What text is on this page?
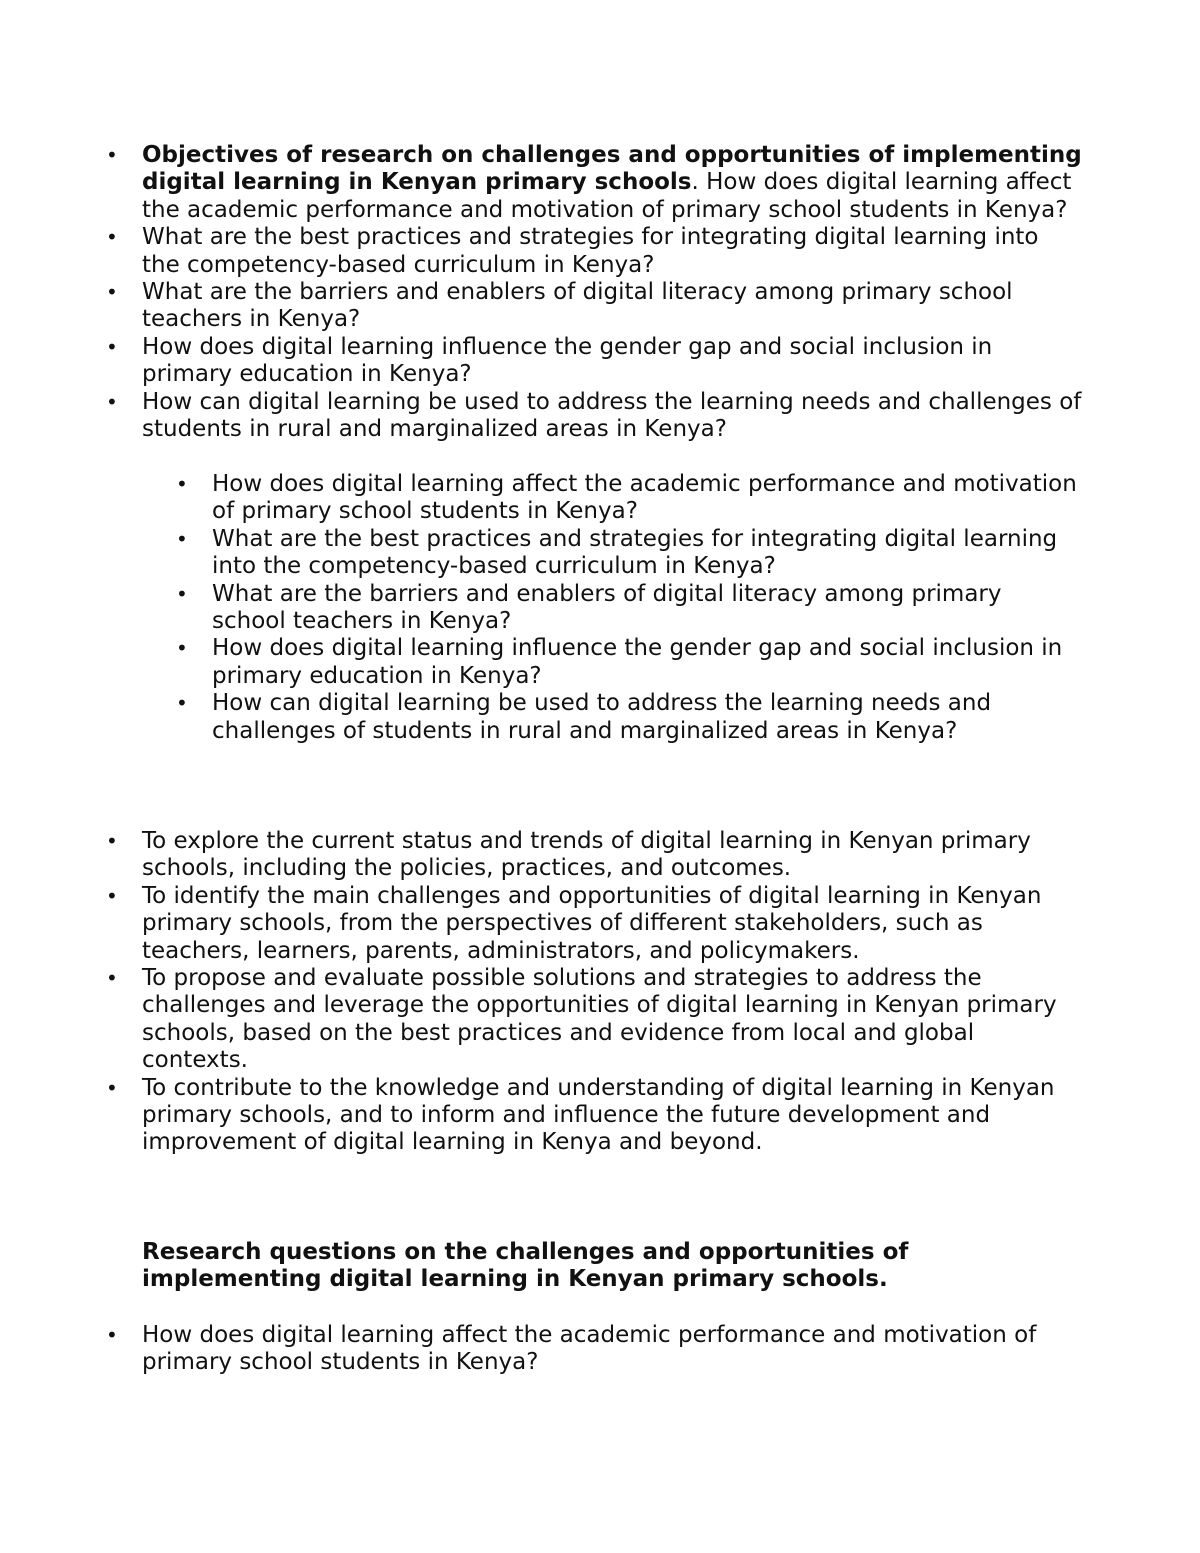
• Objectives of research on challenges and opportunities of implementing digital learning in Kenyan primary schools. How does digital learning affect the academic performance and motivation of primary school students in Kenya?
• What are the best practices and strategies for integrating digital learning into the competency-based curriculum in Kenya?
• What are the barriers and enablers of digital literacy among primary school teachers in Kenya?
• How does digital learning influence the gender gap and social inclusion in primary education in Kenya?
• How can digital learning be used to address the learning needs and challenges of students in rural and marginalized areas in Kenya?
• How does digital learning affect the academic performance and motivation of primary school students in Kenya?
• What are the best practices and strategies for integrating digital learning into the competency-based curriculum in Kenya?
• What are the barriers and enablers of digital literacy among primary school teachers in Kenya?
• How does digital learning influence the gender gap and social inclusion in primary education in Kenya?
• How can digital learning be used to address the learning needs and challenges of students in rural and marginalized areas in Kenya?
• To explore the current status and trends of digital learning in Kenyan primary schools, including the policies, practices, and outcomes.
• To identify the main challenges and opportunities of digital learning in Kenyan primary schools, from the perspectives of different stakeholders, such as teachers, learners, parents, administrators, and policymakers.
• To propose and evaluate possible solutions and strategies to address the challenges and leverage the opportunities of digital learning in Kenyan primary schools, based on the best practices and evidence from local and global contexts.
• To contribute to the knowledge and understanding of digital learning in Kenyan primary schools, and to inform and influence the future development and improvement of digital learning in Kenya and beyond.
Research questions on the challenges and opportunities of implementing digital learning in Kenyan primary schools.
• How does digital learning affect the academic performance and motivation of primary school students in Kenya?
